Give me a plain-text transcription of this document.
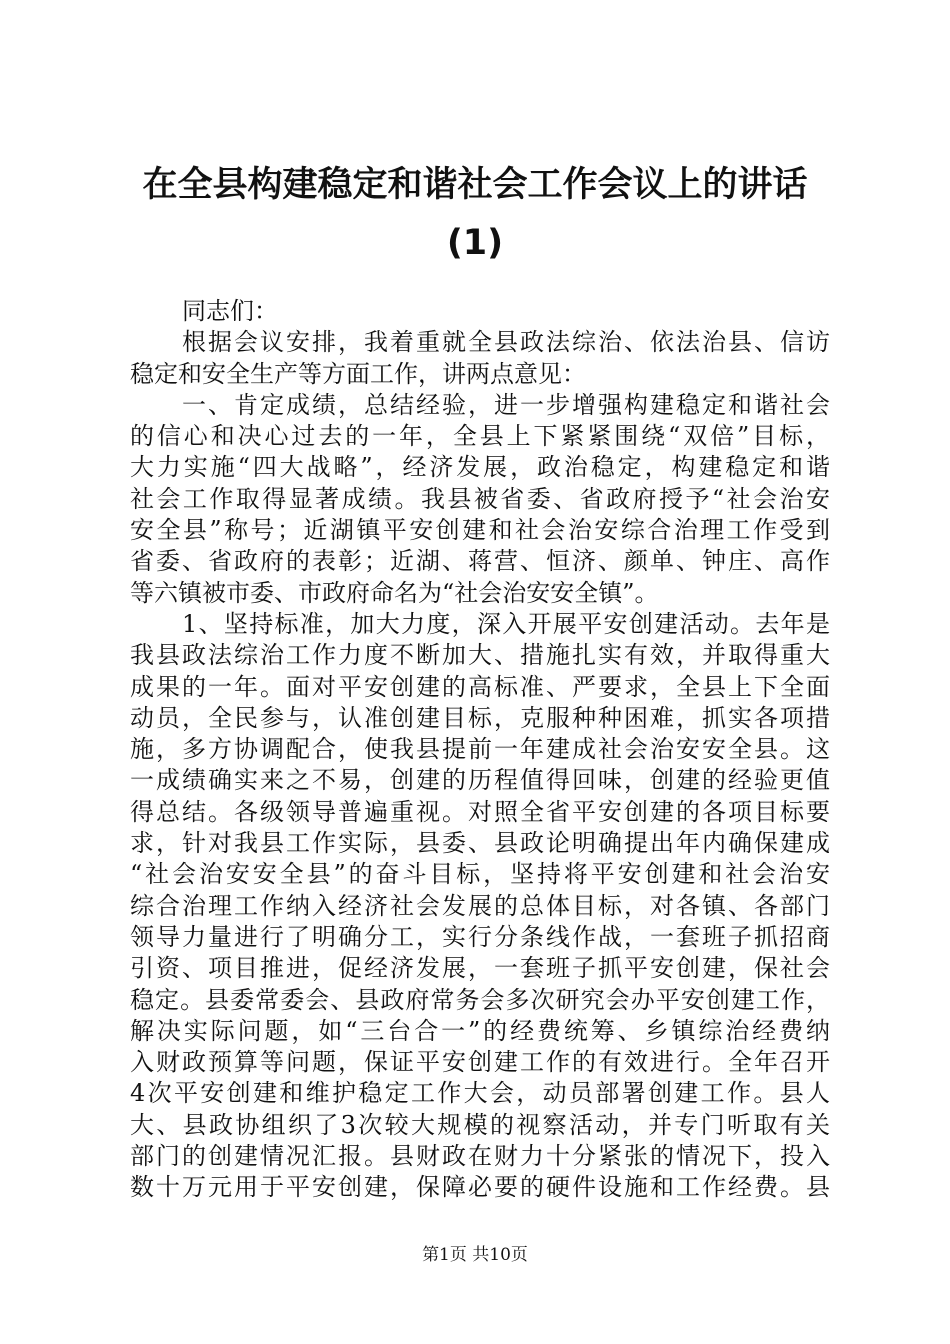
在全县构建稳定和谐社会工作会议上的讲话
(1)
同志们：
根据会议安排，我着重就全县政法综治、依法治县、信访
稳定和安全生产等方面工作，讲两点意见：
一、肯定成绩，总结经验，进一步增强构建稳定和谐社会
的信心和决心过去的一年，全县上下紧紧围绕“双倍”目标，
大力实施“四大战略”，经济发展，政治稳定，构建稳定和谐
社会工作取得显著成绩。我县被省委、省政府授予“社会治安
安全县”称号；近湖镇平安创建和社会治安综合治理工作受到
省委、省政府的表彰；近湖、蒋营、恒济、颜单、钟庄、高作
等六镇被市委、市政府命名为“社会治安安全镇”。
1、坚持标准，加大力度，深入开展平安创建活动。去年是
我县政法综治工作力度不断加大、措施扎实有效，并取得重大
成果的一年。面对平安创建的高标准、严要求，全县上下全面
动员，全民参与，认准创建目标，克服种种困难，抓实各项措
施，多方协调配合，使我县提前一年建成社会治安安全县。这
一成绩确实来之不易，创建的历程值得回味，创建的经验更值
得总结。各级领导普遍重视。对照全省平安创建的各项目标要
求，针对我县工作实际，县委、县政论明确提出年内确保建成
“社会治安安全县”的奋斗目标，坚持将平安创建和社会治安
综合治理工作纳入经济社会发展的总体目标，对各镇、各部门
领导力量进行了明确分工，实行分条线作战，一套班子抓招商
引资、项目推进，促经济发展，一套班子抓平安创建，保社会
稳定。县委常委会、县政府常务会多次研究会办平安创建工作，
解决实际问题，如“三台合一”的经费统筹、乡镇综治经费纳
入财政预算等问题，保证平安创建工作的有效进行。全年召开
4次平安创建和维护稳定工作大会，动员部署创建工作。县人
大、县政协组织了3次较大规模的视察活动，并专门听取有关
部门的创建情况汇报。县财政在财力十分紧张的情况下，投入
数十万元用于平安创建，保障必要的硬件设施和工作经费。县
第1页 共10页
